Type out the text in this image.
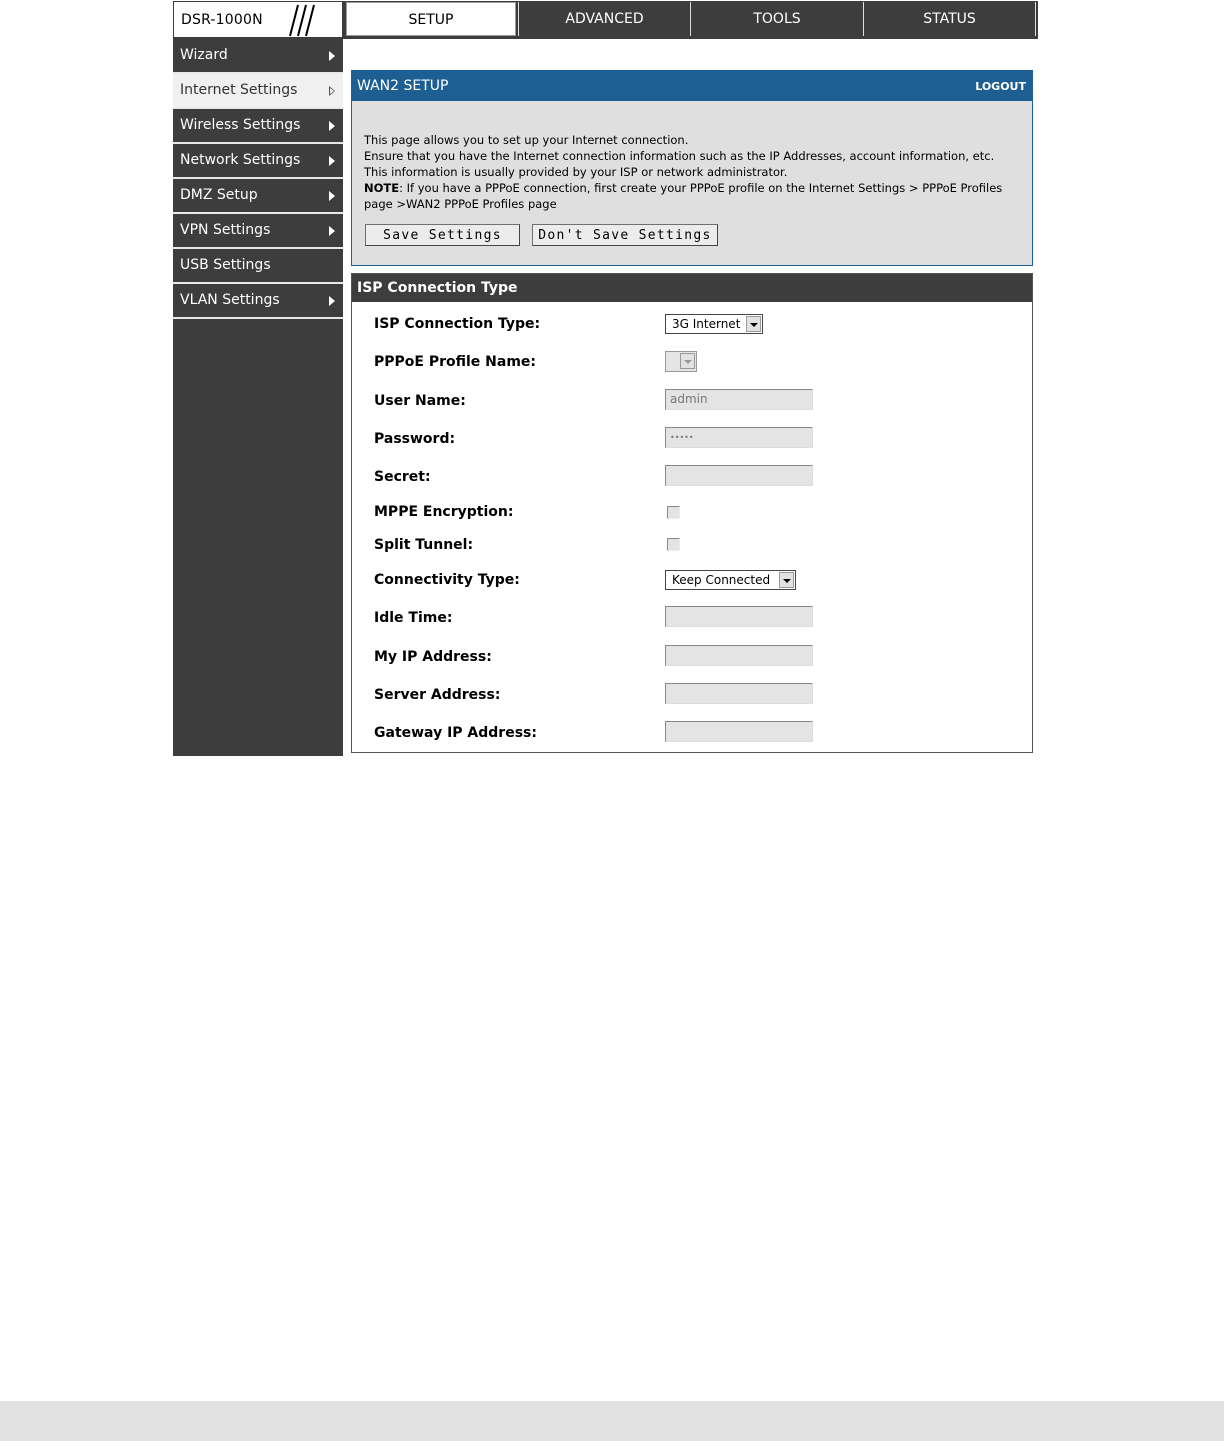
DSR-1000N	SETUP	ADVANCED	TOOLS	STATUS
Wizard
Internet Settings
Wireless Settings
Network Settings
DMZ Setup
VPN Settings
USB Settings
VLAN Settings
WAN2 SETUP	LOGOUT
This page allows you to set up your Internet connection.
Ensure that you have the Internet connection information such as the IP Addresses, account information, etc.
This information is usually provided by your ISP or network administrator.
NOTE: If you have a PPPoE connection, first create your PPPoE profile on the Internet Settings > PPPoE Profiles page >WAN2 PPPoE Profiles page
Save Settings	Don't Save Settings
ISP Connection Type
ISP Connection Type:	3G Internet
PPPoE Profile Name:
User Name:	admin
Password:	•••••
Secret:
MPPE Encryption:
Split Tunnel:
Connectivity Type:	Keep Connected
Idle Time:
My IP Address:
Server Address:
Gateway IP Address:
